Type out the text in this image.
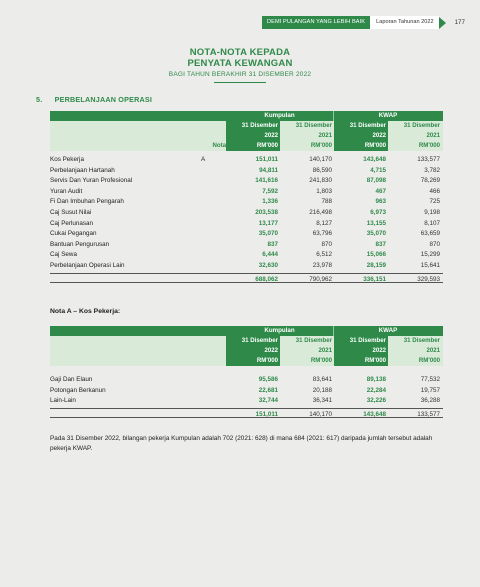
DEMI PULANGAN YANG LEBIH BAIK	Laporan Tahunan 2022	177
NOTA-NOTA KEPADA
PENYATA KEWANGAN
BAGI TAHUN BERAKHIR 31 DISEMBER 2022
5. PERBELANJAAN OPERASI
Kumpulan	KWAP
Nota
31 Disember
2022
RM'000
31 Disember
2021
RM'000
31 Disember
2022
RM'000
31 Disember
2021
RM'000
Kos Pekerja	A	151,011	140,170	143,648	133,577
Perbelanjaan Hartanah	94,811	86,590	4,715	3,782
Servis Dan Yuran Profesional	141,616	241,830	87,098	78,269
Yuran Audit	7,592	1,803	467	466
Fi Dan Imbuhan Pengarah	1,336	788	963	725
Caj Susut Nilai	203,538	216,498	6,973	9,198
Caj Perlunasan	13,177	8,127	13,155	8,107
Cukai Pegangan	35,070	63,796	35,070	63,659
Bantuan Pengurusan	837	870	837	870
Caj Sewa	6,444	6,512	15,066	15,299
Perbelanjaan Operasi Lain	32,630	23,978	28,159	15,641
688,062	790,962	336,151	329,593
Nota A – Kos Pekerja:
Kumpulan	KWAP
31 Disember
2022
RM'000
31 Disember
2021
RM'000
31 Disember
2022
RM'000
31 Disember
2021
RM'000
Gaji Dan Elaun	95,586	83,641	89,138	77,532
Potongan Berkanun	22,681	20,188	22,284	19,757
Lain-Lain	32,744	36,341	32,226	36,288
151,011	140,170	143,648	133,577
Pada 31 Disember 2022, bilangan pekerja Kumpulan adalah 702 (2021: 628) di mana 684 (2021: 617) daripada jumlah tersebut adalah pekerja KWAP.
